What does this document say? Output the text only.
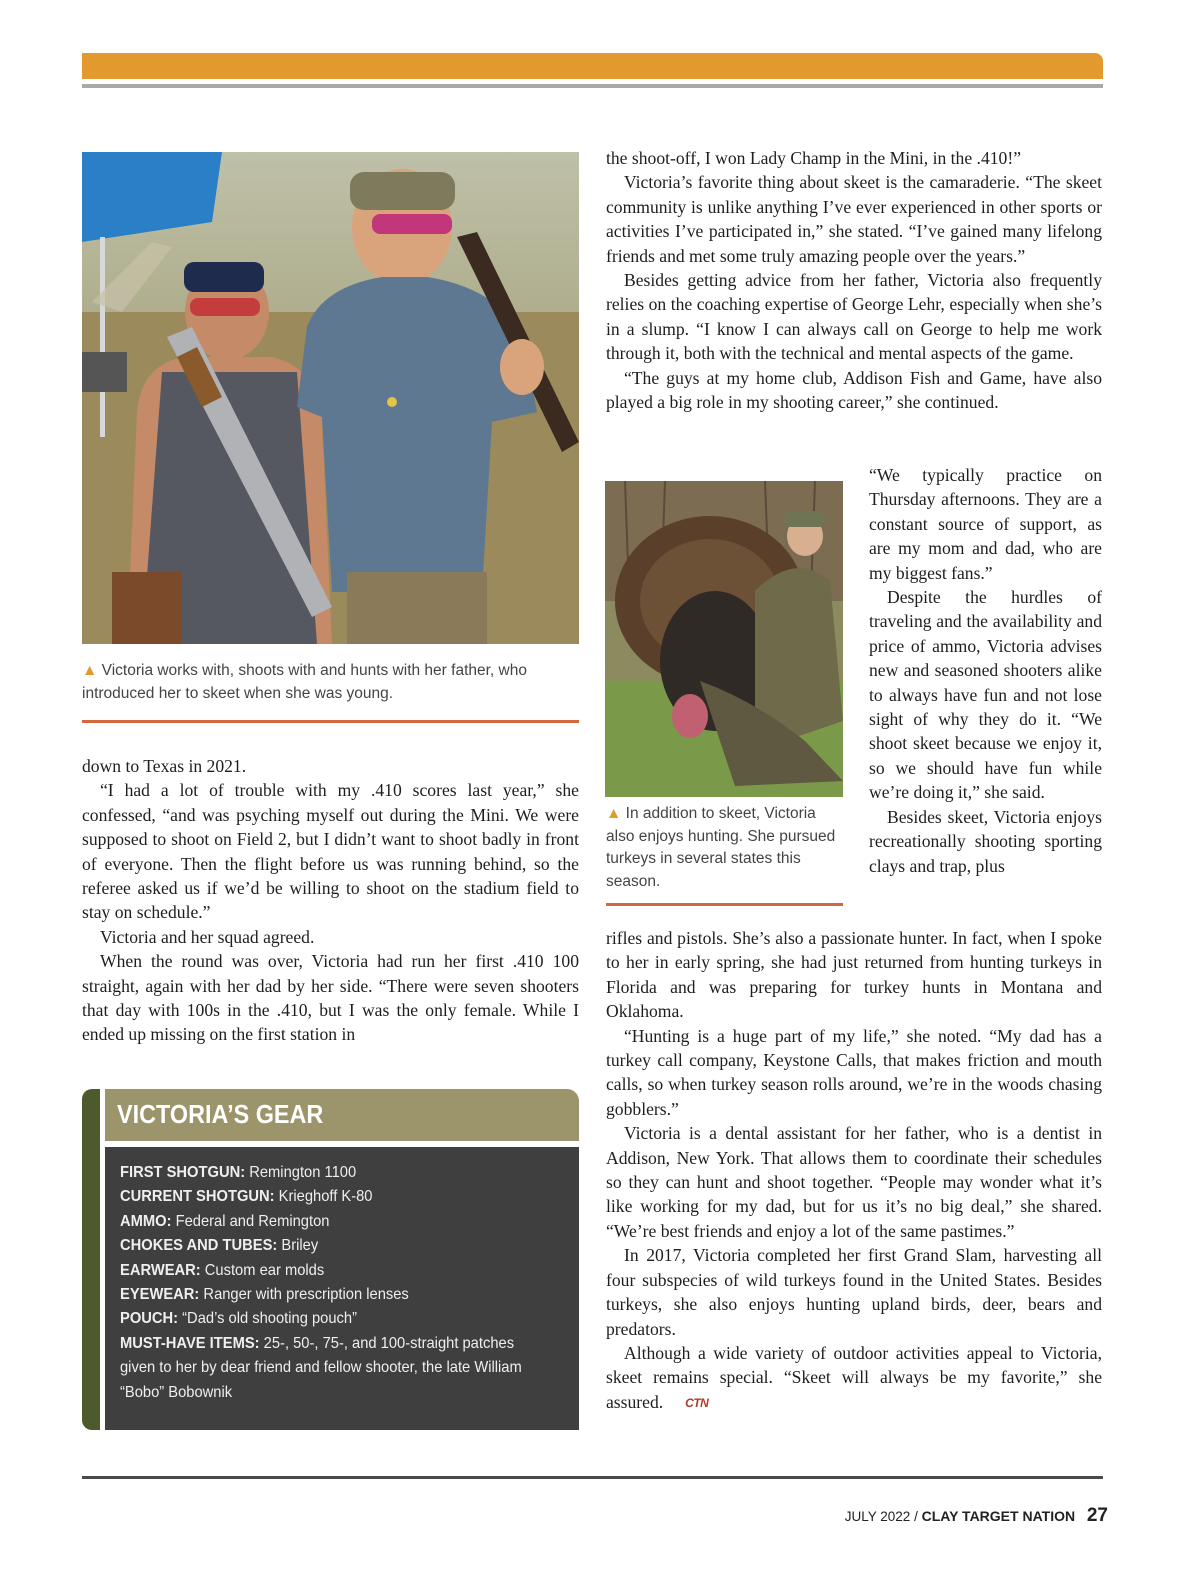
▲ Victoria works with, shoots with and hunts with her father, who introduced her to skeet when she was young.

down to Texas in 2021.

“I had a lot of trouble with my .410 scores last year,” she confessed, “and was psyching myself out during the Mini. We were supposed to shoot on Field 2, but I didn’t want to shoot badly in front of everyone. Then the flight before us was running behind, so the referee asked us if we’d be willing to shoot on the stadium field to stay on schedule.”

Victoria and her squad agreed.

When the round was over, Victoria had run her first .410 100 straight, again with her dad by her side. “There were seven shooters that day with 100s in the .410, but I was the only female. While I ended up missing on the first station in

VICTORIA’S GEAR
FIRST SHOTGUN: Remington 1100
CURRENT SHOTGUN: Krieghoff K-80
AMMO: Federal and Remington
CHOKES AND TUBES: Briley
EARWEAR: Custom ear molds
EYEWEAR: Ranger with prescription lenses
POUCH: “Dad’s old shooting pouch”
MUST-HAVE ITEMS: 25-, 50-, 75-, and 100-straight patches given to her by dear friend and fellow shooter, the late William “Bobo” Bobownik

the shoot-off, I won Lady Champ in the Mini, in the .410!”

Victoria’s favorite thing about skeet is the camaraderie. “The skeet community is unlike anything I’ve ever experienced in other sports or activities I’ve participated in,” she stated. “I’ve gained many lifelong friends and met some truly amazing people over the years.”

Besides getting advice from her father, Victoria also frequently relies on the coaching expertise of George Lehr, especially when she’s in a slump. “I know I can always call on George to help me work through it, both with the technical and mental aspects of the game.

“The guys at my home club, Addison Fish and Game, have also played a big role in my shooting career,” she continued.

▲ In addition to skeet, Victoria also enjoys hunting. She pursued turkeys in several states this season.

“We typically practice on Thursday afternoons. They are a constant source of support, as are my mom and dad, who are my biggest fans.”

Despite the hurdles of traveling and the availability and price of ammo, Victoria advises new and seasoned shooters alike to always have fun and not lose sight of why they do it. “We shoot skeet because we enjoy it, so we should have fun while we’re doing it,” she said.

Besides skeet, Victoria enjoys recreationally shooting sporting clays and trap, plus

rifles and pistols. She’s also a passionate hunter. In fact, when I spoke to her in early spring, she had just returned from hunting turkeys in Florida and was preparing for turkey hunts in Montana and Oklahoma.

“Hunting is a huge part of my life,” she noted. “My dad has a turkey call company, Keystone Calls, that makes friction and mouth calls, so when turkey season rolls around, we’re in the woods chasing gobblers.”

Victoria is a dental assistant for her father, who is a dentist in Addison, New York. That allows them to coordinate their schedules so they can hunt and shoot together. “People may wonder what it’s like working for my dad, but for us it’s no big deal,” she shared. “We’re best friends and enjoy a lot of the same pastimes.”

In 2017, Victoria completed her first Grand Slam, harvesting all four subspecies of wild turkeys found in the United States. Besides turkeys, she also enjoys hunting upland birds, deer, bears and predators.

Although a wide variety of outdoor activities appeal to Victoria, skeet remains special. “Skeet will always be my favorite,” she assured. CTN

JULY 2022 / CLAY TARGET NATION 27
